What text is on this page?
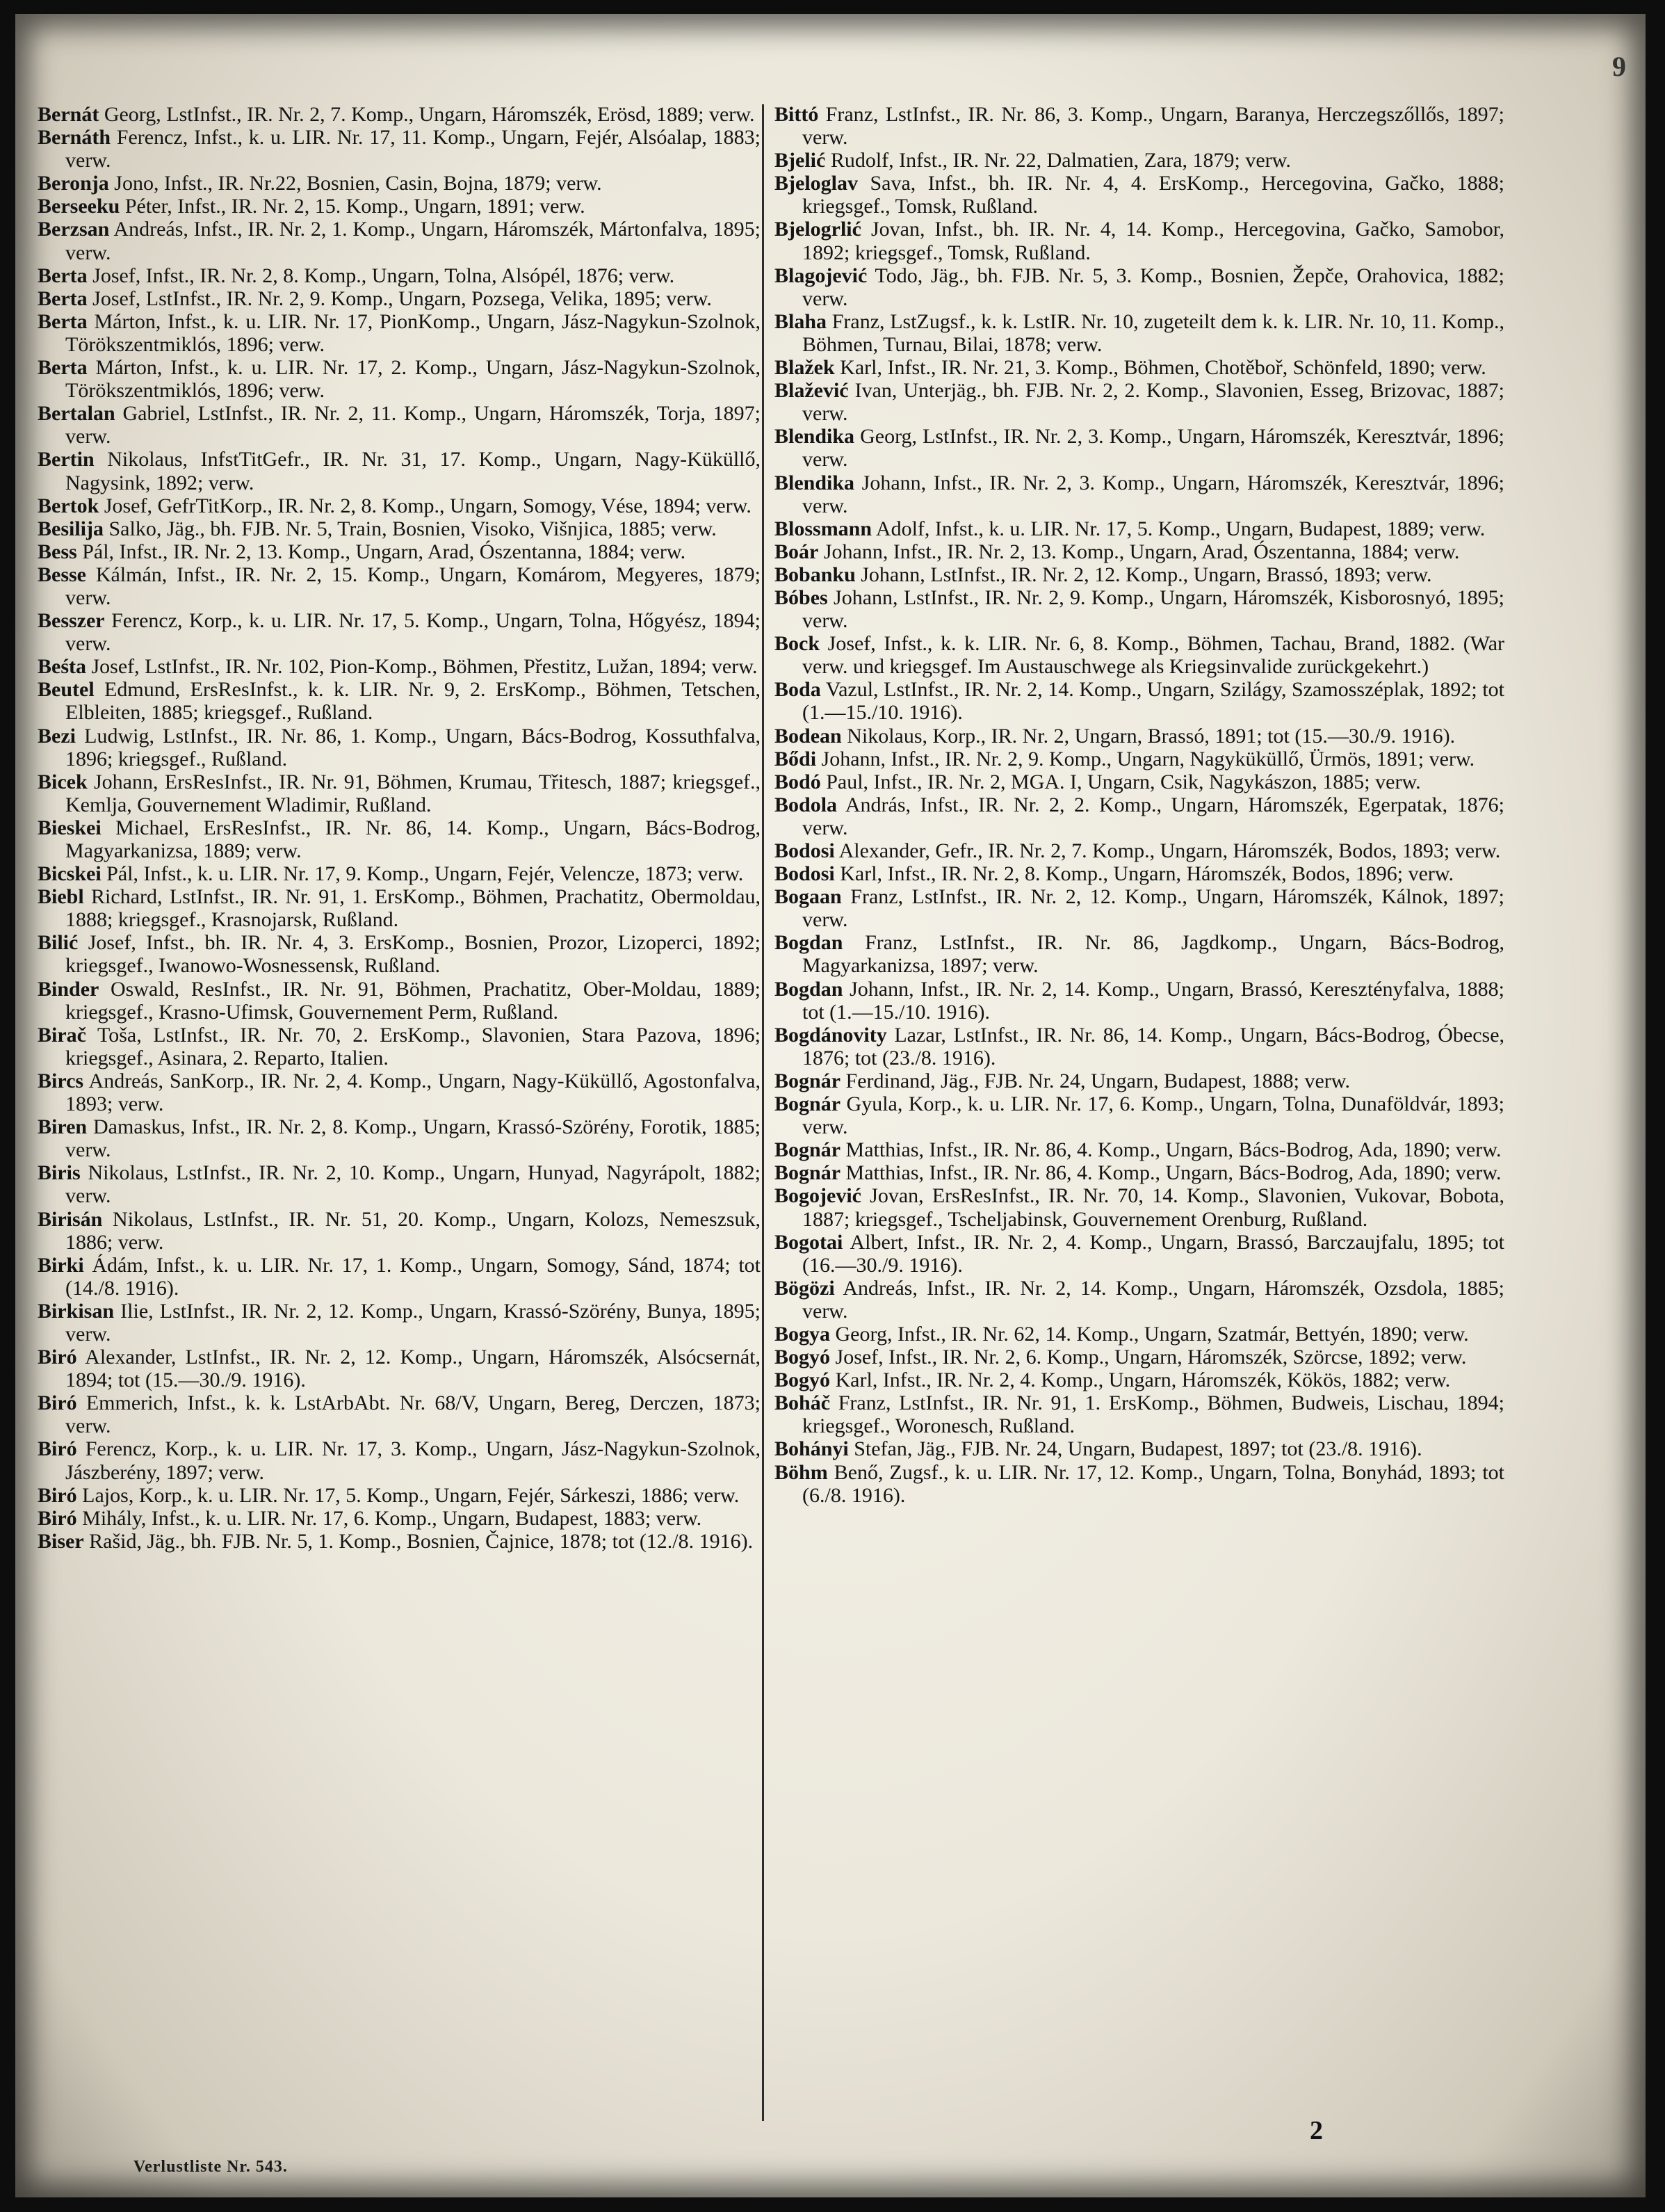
9

Bernát Georg, LstInfst., IR. Nr. 2, 7. Komp., Ungarn, Háromszék, Erösd, 1889; verw.

Bernáth Ferencz, Infst., k. u. LIR. Nr. 17, 11. Komp., Ungarn, Fejér, Alsóalap, 1883; verw.

Beronja Jono, Infst., IR. Nr.22, Bosnien, Casin, Bojna, 1879; verw.

Berseeku Péter, Infst., IR. Nr. 2, 15. Komp., Ungarn, 1891; verw.

Berzsan Andreás, Infst., IR. Nr. 2, 1. Komp., Ungarn, Háromszék, Mártonfalva, 1895; verw.

Berta Josef, Infst., IR. Nr. 2, 8. Komp., Ungarn, Tolna, Alsópél, 1876; verw.

Berta Josef, LstInfst., IR. Nr. 2, 9. Komp., Ungarn, Pozsega, Velika, 1895; verw.

Berta Márton, Infst., k. u. LIR. Nr. 17, PionKomp., Ungarn, Jász-Nagykun-Szolnok, Törökszentmiklós, 1896; verw.

Berta Márton, Infst., k. u. LIR. Nr. 17, 2. Komp., Ungarn, Jász-Nagykun-Szolnok, Törökszentmiklós, 1896; verw.

Bertalan Gabriel, LstInfst., IR. Nr. 2, 11. Komp., Ungarn, Háromszék, Torja, 1897; verw.

Bertin Nikolaus, InfstTitGefr., IR. Nr. 31, 17. Komp., Ungarn, Nagy-Küküllő, Nagysink, 1892; verw.

Bertok Josef, GefrTitKorp., IR. Nr. 2, 8. Komp., Ungarn, Somogy, Vése, 1894; verw.

Besilija Salko, Jäg., bh. FJB. Nr. 5, Train, Bosnien, Visoko, Višnjica, 1885; verw.

Bess Pál, Infst., IR. Nr. 2, 13. Komp., Ungarn, Arad, Ószentanna, 1884; verw.

Besse Kálmán, Infst., IR. Nr. 2, 15. Komp., Ungarn, Komárom, Megyeres, 1879; verw.

Besszer Ferencz, Korp., k. u. LIR. Nr. 17, 5. Komp., Ungarn, Tolna, Hőgyész, 1894; verw.

Beśta Josef, LstInfst., IR. Nr. 102, Pion-Komp., Böhmen, Přestitz, Lužan, 1894; verw.

Beutel Edmund, ErsResInfst., k. k. LIR. Nr. 9, 2. ErsKomp., Böhmen, Tetschen, Elbleiten, 1885; kriegsgef., Rußland.

Bezi Ludwig, LstInfst., IR. Nr. 86, 1. Komp., Ungarn, Bács-Bodrog, Kossuthfalva, 1896; kriegsgef., Rußland.

Bicek Johann, ErsResInfst., IR. Nr. 91, Böhmen, Krumau, Třitesch, 1887; kriegsgef., Kemlja, Gouvernement Wladimir, Rußland.

Bieskei Michael, ErsResInfst., IR. Nr. 86, 14. Komp., Ungarn, Bács-Bodrog, Magyarkanizsa, 1889; verw.

Bicskei Pál, Infst., k. u. LIR. Nr. 17, 9. Komp., Ungarn, Fejér, Velencze, 1873; verw.

Biebl Richard, LstInfst., IR. Nr. 91, 1. ErsKomp., Böhmen, Prachatitz, Obermoldau, 1888; kriegsgef., Krasnojarsk, Rußland.

Bilić Josef, Infst., bh. IR. Nr. 4, 3. ErsKomp., Bosnien, Prozor, Lizoperci, 1892; kriegsgef., Iwanowo-Wosnessensk, Rußland.

Binder Oswald, ResInfst., IR. Nr. 91, Böhmen, Prachatitz, Ober-Moldau, 1889; kriegsgef., Krasno-Ufimsk, Gouvernement Perm, Rußland.

Birač Toša, LstInfst., IR. Nr. 70, 2. ErsKomp., Slavonien, Stara Pazova, 1896; kriegsgef., Asinara, 2. Reparto, Italien.

Bircs Andreás, SanKorp., IR. Nr. 2, 4. Komp., Ungarn, Nagy-Küküllő, Agostonfalva, 1893; verw.

Biren Damaskus, Infst., IR. Nr. 2, 8. Komp., Ungarn, Krassó-Szörény, Forotik, 1885; verw.

Biris Nikolaus, LstInfst., IR. Nr. 2, 10. Komp., Ungarn, Hunyad, Nagyrápolt, 1882; verw.

Birisán Nikolaus, LstInfst., IR. Nr. 51, 20. Komp., Ungarn, Kolozs, Nemeszsuk, 1886; verw.

Birki Ádám, Infst., k. u. LIR. Nr. 17, 1. Komp., Ungarn, Somogy, Sánd, 1874; tot (14./8. 1916).

Birkisan Ilie, LstInfst., IR. Nr. 2, 12. Komp., Ungarn, Krassó-Szörény, Bunya, 1895; verw.

Biró Alexander, LstInfst., IR. Nr. 2, 12. Komp., Ungarn, Háromszék, Alsócsernát, 1894; tot (15.—30./9. 1916).

Biró Emmerich, Infst., k. k. LstArbAbt. Nr. 68/V, Ungarn, Bereg, Derczen, 1873; verw.

Biró Ferencz, Korp., k. u. LIR. Nr. 17, 3. Komp., Ungarn, Jász-Nagykun-Szolnok, Jászberény, 1897; verw.

Biró Lajos, Korp., k. u. LIR. Nr. 17, 5. Komp., Ungarn, Fejér, Sárkeszi, 1886; verw.

Biró Mihály, Infst., k. u. LIR. Nr. 17, 6. Komp., Ungarn, Budapest, 1883; verw.

Biser Rašid, Jäg., bh. FJB. Nr. 5, 1. Komp., Bosnien, Čajnice, 1878; tot (12./8. 1916).

Bittó Franz, LstInfst., IR. Nr. 86, 3. Komp., Ungarn, Baranya, Herczegszőllős, 1897; verw.

Bjelić Rudolf, Infst., IR. Nr. 22, Dalmatien, Zara, 1879; verw.

Bjeloglav Sava, Infst., bh. IR. Nr. 4, 4. ErsKomp., Hercegovina, Gačko, 1888; kriegsgef., Tomsk, Rußland.

Bjelogrlić Jovan, Infst., bh. IR. Nr. 4, 14. Komp., Hercegovina, Gačko, Samobor, 1892; kriegsgef., Tomsk, Rußland.

Blagojević Todo, Jäg., bh. FJB. Nr. 5, 3. Komp., Bosnien, Žepče, Orahovica, 1882; verw.

Blaha Franz, LstZugsf., k. k. LstIR. Nr. 10, zugeteilt dem k. k. LIR. Nr. 10, 11. Komp., Böhmen, Turnau, Bilai, 1878; verw.

Blažek Karl, Infst., IR. Nr. 21, 3. Komp., Böhmen, Chotěboř, Schönfeld, 1890; verw.

Blažević Ivan, Unterjäg., bh. FJB. Nr. 2, 2. Komp., Slavonien, Esseg, Brizovac, 1887; verw.

Blendika Georg, LstInfst., IR. Nr. 2, 3. Komp., Ungarn, Háromszék, Keresztvár, 1896; verw.

Blendika Johann, Infst., IR. Nr. 2, 3. Komp., Ungarn, Háromszék, Keresztvár, 1896; verw.

Blossmann Adolf, Infst., k. u. LIR. Nr. 17, 5. Komp., Ungarn, Budapest, 1889; verw.

Boár Johann, Infst., IR. Nr. 2, 13. Komp., Ungarn, Arad, Ószentanna, 1884; verw.

Bobanku Johann, LstInfst., IR. Nr. 2, 12. Komp., Ungarn, Brassó, 1893; verw.

Bóbes Johann, LstInfst., IR. Nr. 2, 9. Komp., Ungarn, Háromszék, Kisborosnyó, 1895; verw.

Bock Josef, Infst., k. k. LIR. Nr. 6, 8. Komp., Böhmen, Tachau, Brand, 1882. (War verw. und kriegsgef. Im Austauschwege als Kriegsinvalide zurückgekehrt.)

Boda Vazul, LstInfst., IR. Nr. 2, 14. Komp., Ungarn, Szilágy, Szamosszéplak, 1892; tot (1.—15./10. 1916).

Bodean Nikolaus, Korp., IR. Nr. 2, Ungarn, Brassó, 1891; tot (15.—30./9. 1916).

Bődi Johann, Infst., IR. Nr. 2, 9. Komp., Ungarn, Nagyküküllő, Ürmös, 1891; verw.

Bodó Paul, Infst., IR. Nr. 2, MGA. I, Ungarn, Csik, Nagykászon, 1885; verw.

Bodola András, Infst., IR. Nr. 2, 2. Komp., Ungarn, Háromszék, Egerpatak, 1876; verw.

Bodosi Alexander, Gefr., IR. Nr. 2, 7. Komp., Ungarn, Háromszék, Bodos, 1893; verw.

Bodosi Karl, Infst., IR. Nr. 2, 8. Komp., Ungarn, Háromszék, Bodos, 1896; verw.

Bogaan Franz, LstInfst., IR. Nr. 2, 12. Komp., Ungarn, Háromszék, Kálnok, 1897; verw.

Bogdan Franz, LstInfst., IR. Nr. 86, Jagdkomp., Ungarn, Bács-Bodrog, Magyarkanizsa, 1897; verw.

Bogdan Johann, Infst., IR. Nr. 2, 14. Komp., Ungarn, Brassó, Keresztényfalva, 1888; tot (1.—15./10. 1916).

Bogdánovity Lazar, LstInfst., IR. Nr. 86, 14. Komp., Ungarn, Bács-Bodrog, Óbecse, 1876; tot (23./8. 1916).

Bognár Ferdinand, Jäg., FJB. Nr. 24, Ungarn, Budapest, 1888; verw.

Bognár Gyula, Korp., k. u. LIR. Nr. 17, 6. Komp., Ungarn, Tolna, Dunaföldvár, 1893; verw.

Bognár Matthias, Infst., IR. Nr. 86, 4. Komp., Ungarn, Bács-Bodrog, Ada, 1890; verw.

Bognár Matthias, Infst., IR. Nr. 86, 4. Komp., Ungarn, Bács-Bodrog, Ada, 1890; verw.

Bogojević Jovan, ErsResInfst., IR. Nr. 70, 14. Komp., Slavonien, Vukovar, Bobota, 1887; kriegsgef., Tscheljabinsk, Gouvernement Orenburg, Rußland.

Bogotai Albert, Infst., IR. Nr. 2, 4. Komp., Ungarn, Brassó, Barczaujfalu, 1895; tot (16.—30./9. 1916).

Bögözi Andreás, Infst., IR. Nr. 2, 14. Komp., Ungarn, Háromszék, Ozsdola, 1885; verw.

Bogya Georg, Infst., IR. Nr. 62, 14. Komp., Ungarn, Szatmár, Bettyén, 1890; verw.

Bogyó Josef, Infst., IR. Nr. 2, 6. Komp., Ungarn, Háromszék, Szörcse, 1892; verw.

Bogyó Karl, Infst., IR. Nr. 2, 4. Komp., Ungarn, Háromszék, Kökös, 1882; verw.

Boháč Franz, LstInfst., IR. Nr. 91, 1. ErsKomp., Böhmen, Budweis, Lischau, 1894; kriegsgef., Woronesch, Rußland.

Bohányi Stefan, Jäg., FJB. Nr. 24, Ungarn, Budapest, 1897; tot (23./8. 1916).

Böhm Benő, Zugsf., k. u. LIR. Nr. 17, 12. Komp., Ungarn, Tolna, Bonyhád, 1893; tot (6./8. 1916).

2
Verlustliste Nr. 543.
